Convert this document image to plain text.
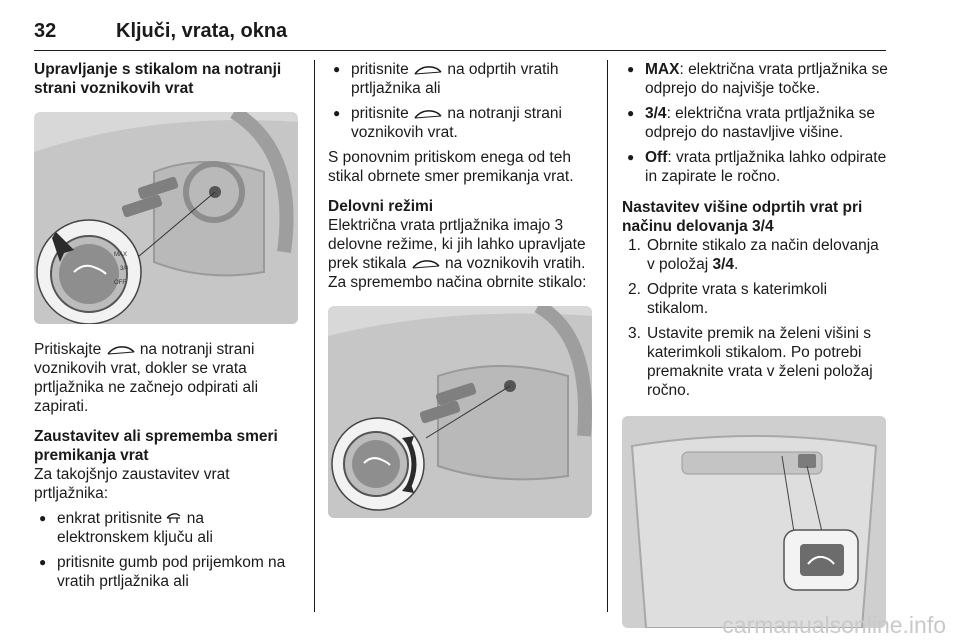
32	Ključi, vrata, okna

Upravljanje s stikalom na notranji strani voznikovih vrat

MAX
3/4
OFF

Pritiskajte na notranji strani voznikovih vrat, dokler se vrata prtljažnika ne začnejo odpirati ali zapirati.

Zaustavitev ali sprememba smeri premikanja vrat

Za takojšnjo zaustavitev vrat prtljažnika:

● enkrat pritisnite na elektronskem ključu ali
● pritisnite gumb pod prijemkom na vratih prtljažnika ali
● pritisnite na odprtih vratih prtljažnika ali
● pritisnite na notranji strani voznikovih vrat.

S ponovnim pritiskom enega od teh stikal obrnete smer premikanja vrat.

Delovni režimi

Električna vrata prtljažnika imajo 3 delovne režime, ki jih lahko upravljate prek stikala na voznikovih vratih. Za spremembo načina obrnite stikalo:

● MAX: električna vrata prtljažnika se odprejo do najvišje točke.
● 3/4: električna vrata prtljažnika se odprejo do nastavljive višine.
● Off: vrata prtljažnika lahko odpirate in zapirate le ročno.

Nastavitev višine odprtih vrat pri načinu delovanja 3/4

1. Obrnite stikalo za način delovanja v položaj 3/4.
2. Odprite vrata s katerimkoli stikalom.
3. Ustavite premik na želeni višini s katerimkoli stikalom. Po potrebi premaknite vrata v želeni položaj ročno.
carmanualsonline.info
